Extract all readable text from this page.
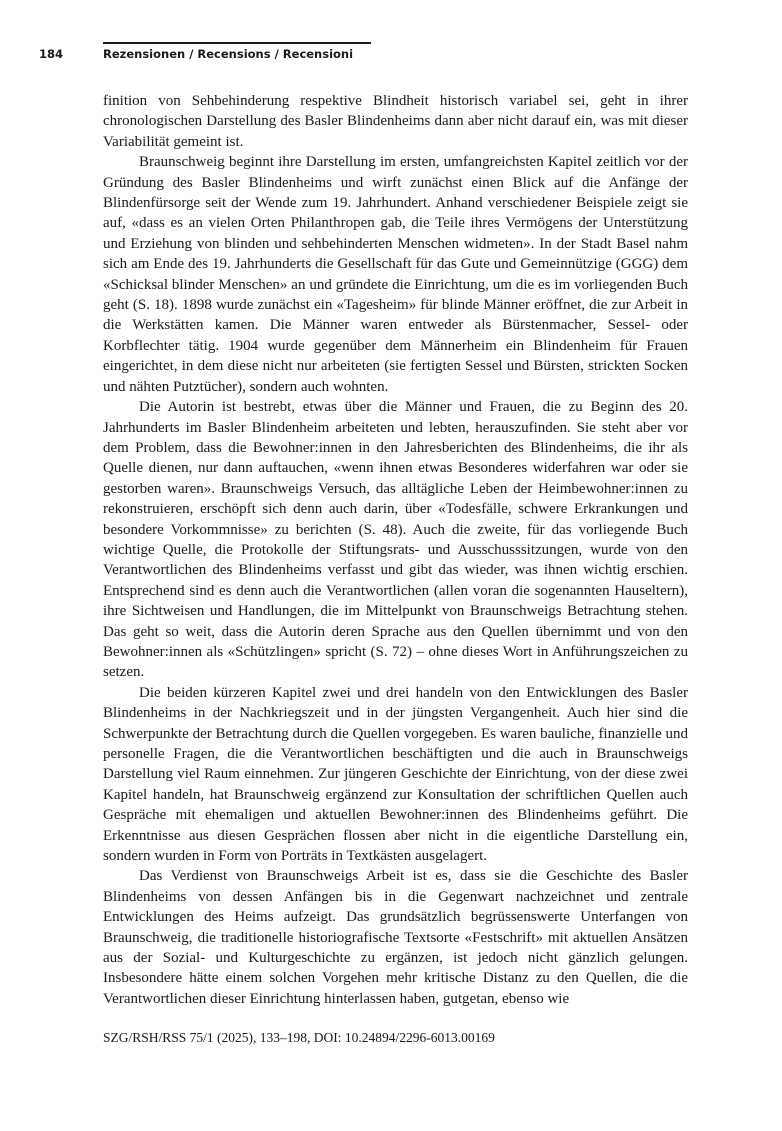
184	Rezensionen / Recensions / Recensioni

finition von Sehbehinderung respektive Blindheit historisch variabel sei, geht in ihrer chronologischen Darstellung des Basler Blindenheims dann aber nicht darauf ein, was mit dieser Variabilität gemeint ist.

Braunschweig beginnt ihre Darstellung im ersten, umfangreichsten Kapitel zeitlich vor der Gründung des Basler Blindenheims und wirft zunächst einen Blick auf die Anfänge der Blindenfürsorge seit der Wende zum 19. Jahrhundert. Anhand verschiedener Beispiele zeigt sie auf, «dass es an vielen Orten Philanthropen gab, die Teile ihres Vermögens der Unterstützung und Erziehung von blinden und sehbehinderten Menschen widmeten». In der Stadt Basel nahm sich am Ende des 19. Jahrhunderts die Gesellschaft für das Gute und Gemeinnützige (GGG) dem «Schicksal blinder Menschen» an und gründete die Einrichtung, um die es im vorliegenden Buch geht (S. 18). 1898 wurde zunächst ein «Tagesheim» für blinde Männer eröffnet, die zur Arbeit in die Werkstätten kamen. Die Männer waren entweder als Bürstenmacher, Sessel- oder Korbflechter tätig. 1904 wurde gegenüber dem Männerheim ein Blindenheim für Frauen eingerichtet, in dem diese nicht nur arbeiteten (sie fertigten Sessel und Bürsten, strickten Socken und nähten Putztücher), sondern auch wohnten.

Die Autorin ist bestrebt, etwas über die Männer und Frauen, die zu Beginn des 20. Jahrhunderts im Basler Blindenheim arbeiteten und lebten, herauszufinden. Sie steht aber vor dem Problem, dass die Bewohner:innen in den Jahresberichten des Blindenheims, die ihr als Quelle dienen, nur dann auftauchen, «wenn ihnen etwas Besonderes widerfahren war oder sie gestorben waren». Braunschweigs Versuch, das alltägliche Leben der Heimbewohner:innen zu rekonstruieren, erschöpft sich denn auch darin, über «Todesfälle, schwere Erkrankungen und besondere Vorkommnisse» zu berichten (S. 48). Auch die zweite, für das vorliegende Buch wichtige Quelle, die Protokolle der Stiftungsrats- und Ausschusssitzungen, wurde von den Verantwortlichen des Blindenheims verfasst und gibt das wieder, was ihnen wichtig erschien. Entsprechend sind es denn auch die Verantwortlichen (allen voran die sogenannten Hauseltern), ihre Sichtweisen und Handlungen, die im Mittelpunkt von Braunschweigs Betrachtung stehen. Das geht so weit, dass die Autorin deren Sprache aus den Quellen übernimmt und von den Bewohner:innen als «Schützlingen» spricht (S. 72) – ohne dieses Wort in Anführungszeichen zu setzen.

Die beiden kürzeren Kapitel zwei und drei handeln von den Entwicklungen des Basler Blindenheims in der Nachkriegszeit und in der jüngsten Vergangenheit. Auch hier sind die Schwerpunkte der Betrachtung durch die Quellen vorgegeben. Es waren bauliche, finanzielle und personelle Fragen, die die Verantwortlichen beschäftigten und die auch in Braunschweigs Darstellung viel Raum einnehmen. Zur jüngeren Geschichte der Einrichtung, von der diese zwei Kapitel handeln, hat Braunschweig ergänzend zur Konsultation der schriftlichen Quellen auch Gespräche mit ehemaligen und aktuellen Bewohner:innen des Blindenheims geführt. Die Erkenntnisse aus diesen Gesprächen flossen aber nicht in die eigentliche Darstellung ein, sondern wurden in Form von Porträts in Textkästen ausgelagert.

Das Verdienst von Braunschweigs Arbeit ist es, dass sie die Geschichte des Basler Blindenheims von dessen Anfängen bis in die Gegenwart nachzeichnet und zentrale Entwicklungen des Heims aufzeigt. Das grundsätzlich begrüssenswerte Unterfangen von Braunschweig, die traditionelle historiografische Textsorte «Festschrift» mit aktuellen Ansätzen aus der Sozial- und Kulturgeschichte zu ergänzen, ist jedoch nicht gänzlich gelungen. Insbesondere hätte einem solchen Vorgehen mehr kritische Distanz zu den Quellen, die die Verantwortlichen dieser Einrichtung hinterlassen haben, gutgetan, ebenso wie

SZG/RSH/RSS 75/1 (2025), 133–198, DOI: 10.24894/2296-6013.00169
